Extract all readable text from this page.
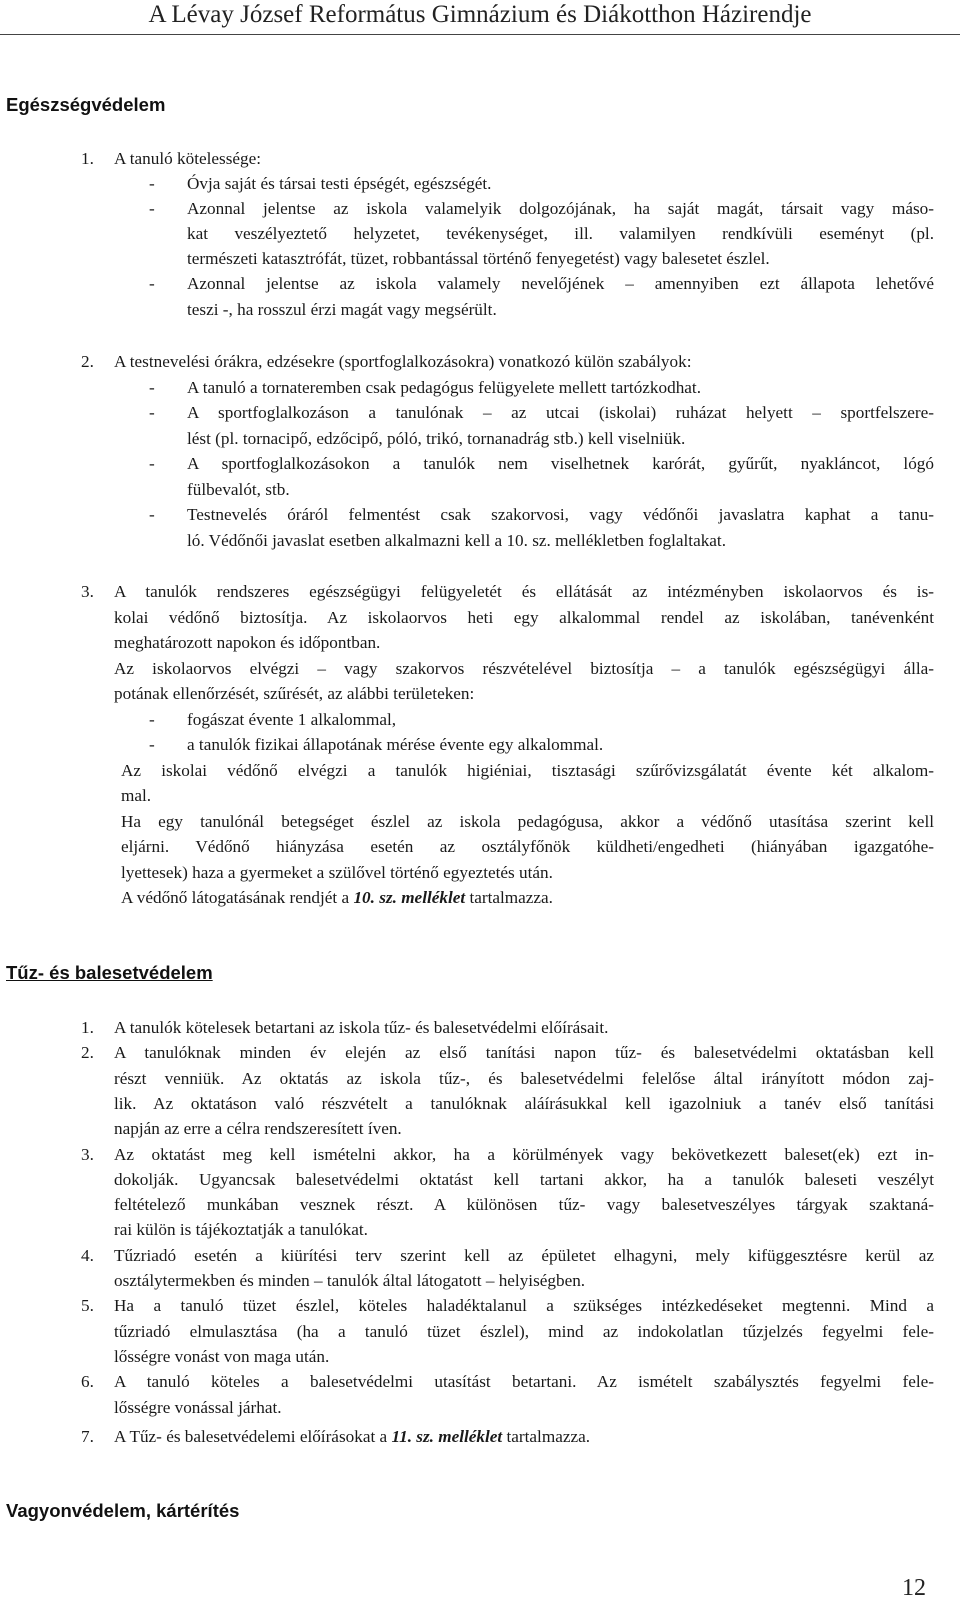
A Lévay József Református Gimnázium és Diákotthon Házirendje
Egészségvédelem
1. A tanuló kötelessége:
- Óvja saját és társai testi épségét, egészségét.
- Azonnal jelentse az iskola valamelyik dolgozójának, ha saját magát, társait vagy máso-
kat veszélyeztető helyzetet, tevékenységet, ill. valamilyen rendkívüli eseményt (pl.
természeti katasztrófát, tüzet, robbantással történő fenyegetést) vagy balesetet észlel.
- Azonnal jelentse az iskola valamely nevelőjének – amennyiben ezt állapota lehetővé
teszi -, ha rosszul érzi magát vagy megsérült.
2. A testnevelési órákra, edzésekre (sportfoglalkozásokra) vonatkozó külön szabályok:
- A tanuló a tornateremben csak pedagógus felügyelete mellett tartózkodhat.
- A sportfoglalkozáson a tanulónak – az utcai (iskolai) ruházat helyett – sportfelszere-
lést (pl. tornacipő, edzőcipő, póló, trikó, tornanadrág stb.) kell viselniük.
- A sportfoglalkozásokon a tanulók nem viselhetnek karórát, gyűrűt, nyakláncot, lógó
fülbevalót, stb.
- Testnevelés óráról felmentést csak szakorvosi, vagy védőnői javaslatra kaphat a tanu-
ló. Védőnői javaslat esetben alkalmazni kell a 10. sz. mellékletben foglaltakat.
3. A tanulók rendszeres egészségügyi felügyeletét és ellátását az intézményben iskolaorvos és is-
kolai védőnő biztosítja. Az iskolaorvos heti egy alkalommal rendel az iskolában, tanévenként
meghatározott napokon és időpontban.
Az iskolaorvos elvégzi – vagy szakorvos részvételével biztosítja – a tanulók egészségügyi álla-
potának ellenőrzését, szűrését, az alábbi területeken:
- fogászat évente 1 alkalommal,
- a tanulók fizikai állapotának mérése évente egy alkalommal.
Az iskolai védőnő elvégzi a tanulók higiéniai, tisztasági szűrővizsgálatát évente két alkalom-
mal.
Ha egy tanulónál betegséget észlel az iskola pedagógusa, akkor a védőnő utasítása szerint kell
eljárni. Védőnő hiányzása esetén az osztályfőnök küldheti/engedheti (hiányában igazgatóhe-
lyettesek) haza a gyermeket a szülővel történő egyeztetés után.
A védőnő látogatásának rendjét a 10. sz. melléklet tartalmazza.
Tűz- és balesetvédelem
1. A tanulók kötelesek betartani az iskola tűz- és balesetvédelmi előírásait.
2. A tanulóknak minden év elején az első tanítási napon tűz- és balesetvédelmi oktatásban kell
részt venniük. Az oktatás az iskola tűz-, és balesetvédelmi felelőse által irányított módon zaj-
lik. Az oktatáson való részvételt a tanulóknak aláírásukkal kell igazolniuk a tanév első tanítási
napján az erre a célra rendszeresített íven.
3. Az oktatást meg kell ismételni akkor, ha a körülmények vagy bekövetkezett baleset(ek) ezt in-
dokolják. Ugyancsak balesetvédelmi oktatást kell tartani akkor, ha a tanulók baleseti veszélyt
feltételező munkában vesznek részt. A különösen tűz- vagy balesetveszélyes tárgyak szaktaná-
rai külön is tájékoztatják a tanulókat.
4. Tűzriadó esetén a kiürítési terv szerint kell az épületet elhagyni, mely kifüggesztésre kerül az
osztálytermekben és minden – tanulók által látogatott – helyiségben.
5. Ha a tanuló tüzet észlel, köteles haladéktalanul a szükséges intézkedéseket megtenni. Mind a
tűzriadó elmulasztása (ha a tanuló tüzet észlel), mind az indokolatlan tűzjelzés fegyelmi fele-
lősségre vonást von maga után.
6. A tanuló köteles a balesetvédelmi utasítást betartani. Az ismételt szabálysztés fegyelmi fele-
lősségre vonással járhat.
7. A Tűz- és balesetvédelemi előírásokat a 11. sz. melléklet tartalmazza.
Vagyonvédelem, kártérítés
12
